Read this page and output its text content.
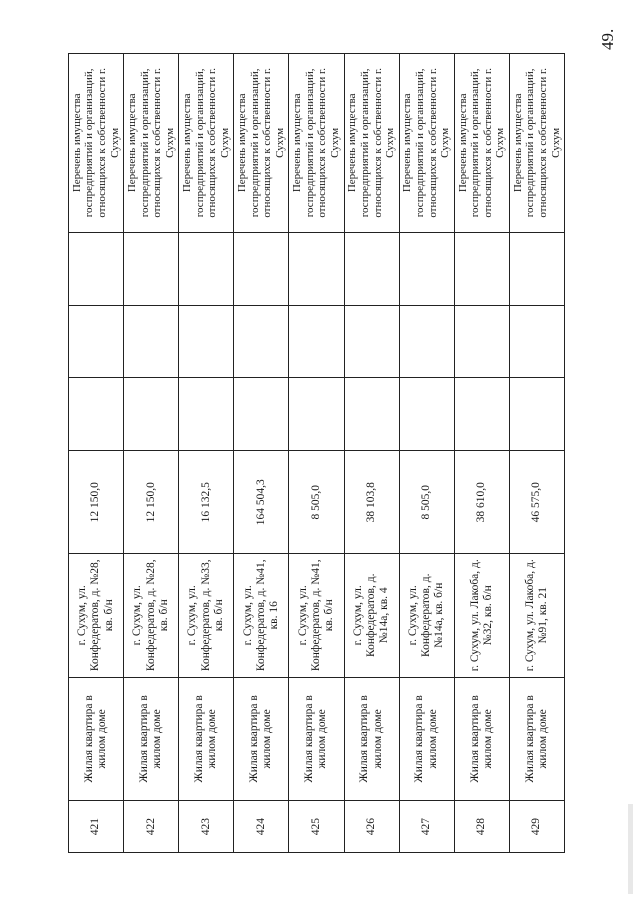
49.
421	Жилая квартира в жилом доме	г. Сухум, ул. Конфедератов, д. №28, кв. б/н	12 150,0				Перечень имущества госпредприятий и организаций, относящихся к собственности г. Сухум
422	Жилая квартира в жилом доме	г. Сухум, ул. Конфедератов, д. №28, кв. б/н	12 150,0				Перечень имущества госпредприятий и организаций, относящихся к собственности г. Сухум
423	Жилая квартира в жилом доме	г. Сухум, ул. Конфедератов, д. №33, кв. б/н	16 132,5				Перечень имущества госпредприятий и организаций, относящихся к собственности г. Сухум
424	Жилая квартира в жилом доме	г. Сухум, ул. Конфедератов, д. №41, кв. 16	164 504,3				Перечень имущества госпредприятий и организаций, относящихся к собственности г. Сухум
425	Жилая квартира в жилом доме	г. Сухум, ул. Конфедератов, д. №41, кв. б/н	8 505,0				Перечень имущества госпредприятий и организаций, относящихся к собственности г. Сухум
426	Жилая квартира в жилом доме	г. Сухум, ул. Конфедератов, д. №14а, кв. 4	38 103,8				Перечень имущества госпредприятий и организаций, относящихся к собственности г. Сухум
427	Жилая квартира в жилом доме	г. Сухум, ул. Конфедератов, д. №14а, кв. б/н	8 505,0				Перечень имущества госпредприятий и организаций, относящихся к собственности г. Сухум
428	Жилая квартира в жилом доме	г. Сухум, ул. Лакоба, д. №32, кв. б/н	38 610,0				Перечень имущества госпредприятий и организаций, относящихся к собственности г. Сухум
429	Жилая квартира в жилом доме	г. Сухум, ул. Лакоба, д. №91, кв. 21	46 575,0				Перечень имущества госпредприятий и организаций, относящихся к собственности г. Сухум
